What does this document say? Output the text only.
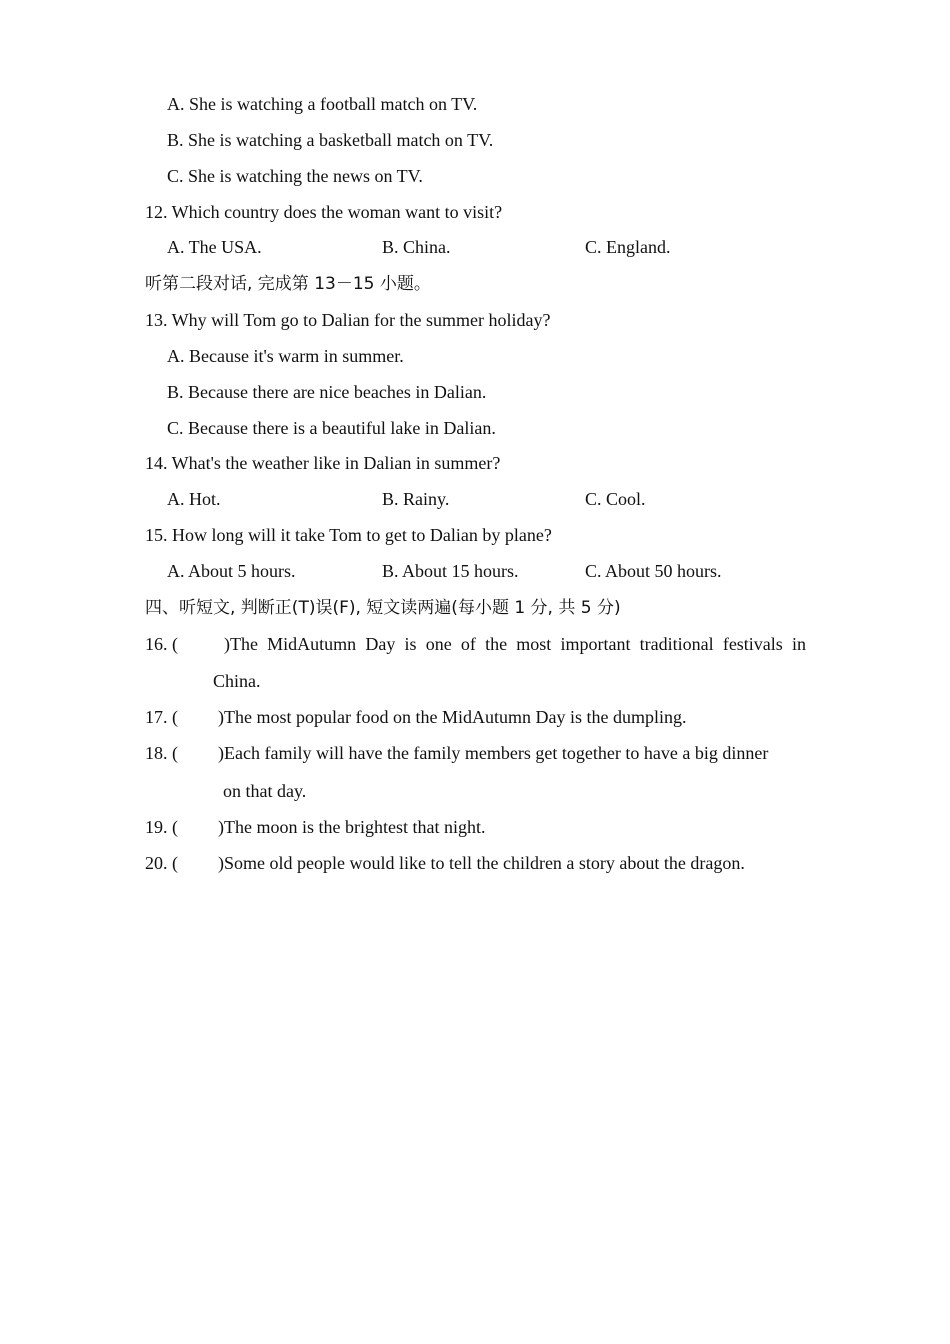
A. She is watching a football match on TV.
B. She is watching a basketball match on TV.
C. She is watching the news on TV.
12. Which country does the woman want to visit?
A. The USA.	B. China.	C. England.
听第二段对话, 完成第 13－15 小题。
13. Why will Tom go to Dalian for the summer holiday?
A. Because it's warm in summer.
B. Because there are nice beaches in Dalian.
C. Because there is a beautiful lake in Dalian.
14. What's the weather like in Dalian in summer?
A. Hot.	B. Rainy.	C. Cool.
15. How long will it take Tom to get to Dalian by plane?
A. About 5 hours.	B. About 15 hours.	C. About 50 hours.
四、听短文, 判断正(T)误(F), 短文读两遍(每小题 1 分, 共 5 分)
16. (	) The MidAutumn Day is one of the most important traditional festivals in
China.
17. ( ) The most popular food on the MidAutumn Day is the dumpling.
18. ( ) Each family will have the family members get together to have a big dinner
on that day.
19. ( ) The moon is the brightest that night.
20. ( ) Some old people would like to tell the children a story about the dragon.
